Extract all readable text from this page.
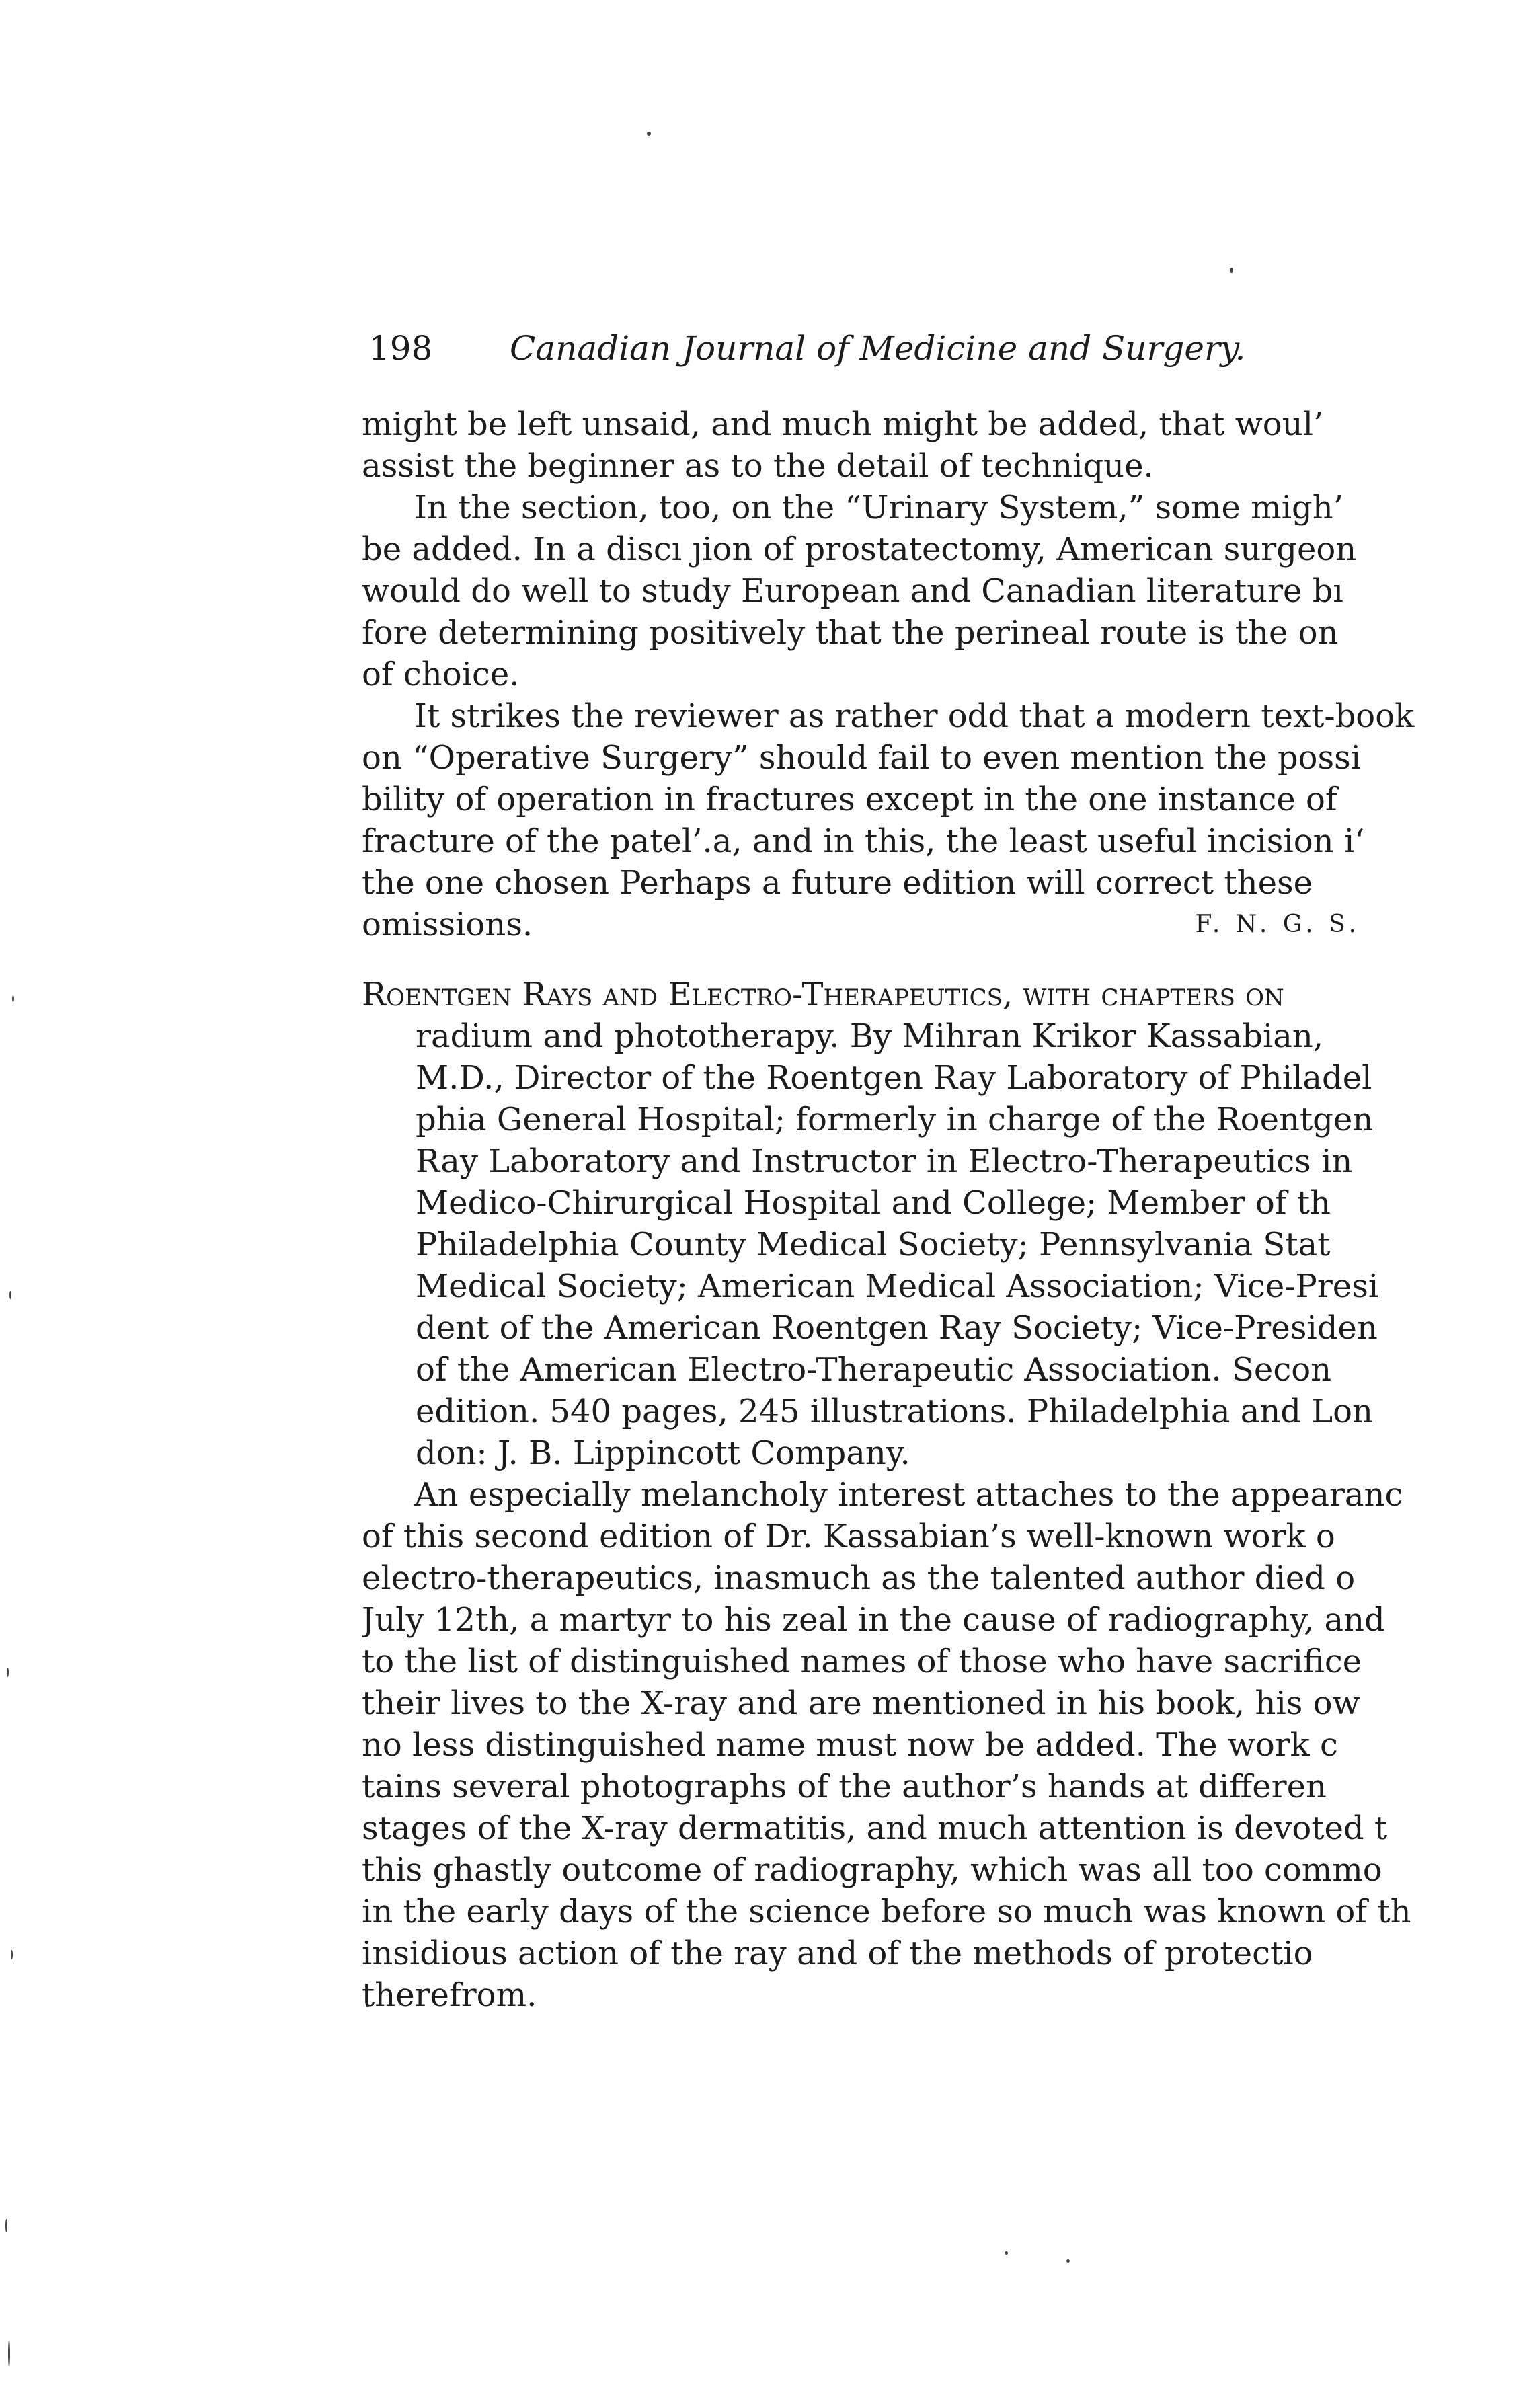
198 Canadian Journal of Medicine and Surgery.
might be left unsaid, and much might be added, that woul’
assist the beginner as to the detail of technique.
In the section, too, on the “Urinary System,” some migh’
be added. In a discı ȷion of prostatectomy, American surgeon
would do well to study European and Canadian literature bı
fore determining positively that the perineal route is the on
of choice.
It strikes the reviewer as rather odd that a modern text-book
on “Operative Surgery” should fail to even mention the possi
bility of operation in fractures except in the one instance of
fracture of the patel’.a, and in this, the least useful incision i‘
the one chosen Perhaps a future edition will correct these
omissions.	F. N. G. S.
Roentgen Rays and Electro-Therapeutics, with chapters on
radium and phototherapy. By Mihran Krikor Kassabian,
M.D., Director of the Roentgen Ray Laboratory of Philadel
phia General Hospital; formerly in charge of the Roentgen
Ray Laboratory and Instructor in Electro-Therapeutics in
Medico-Chirurgical Hospital and College; Member of th
Philadelphia County Medical Society; Pennsylvania Stat
Medical Society; American Medical Association; Vice-Presi
dent of the American Roentgen Ray Society; Vice-Presiden
of the American Electro-Therapeutic Association. Secon
edition. 540 pages, 245 illustrations. Philadelphia and Lon
don: J. B. Lippincott Company.
An especially melancholy interest attaches to the appearanc
of this second edition of Dr. Kassabian’s well-known work o
electro-therapeutics, inasmuch as the talented author died o
July 12th, a martyr to his zeal in the cause of radiography, and
to the list of distinguished names of those who have sacrifice
their lives to the X-ray and are mentioned in his book, his ow
no less distinguished name must now be added. The work c
tains several photographs of the author’s hands at differen
stages of the X-ray dermatitis, and much attention is devoted t
this ghastly outcome of radiography, which was all too commo
in the early days of the science before so much was known of th
insidious action of the ray and of the methods of protectio
therefrom.
